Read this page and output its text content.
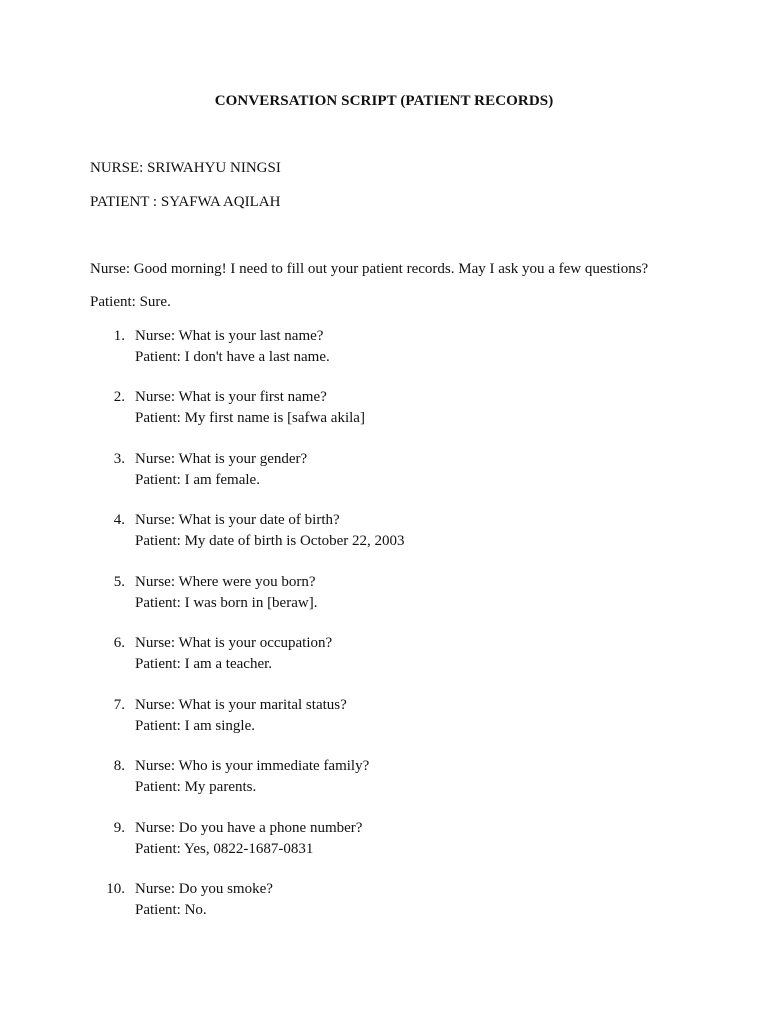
CONVERSATION SCRIPT (PATIENT RECORDS)
NURSE: SRIWAHYU NINGSI
PATIENT : SYAFWA AQILAH
Nurse: Good morning! I need to fill out your patient records. May I ask you a few questions?
Patient: Sure.
1. Nurse: What is your last name?
Patient: I don't have a last name.
2. Nurse: What is your first name?
Patient: My first name is [safwa akila]
3. Nurse: What is your gender?
Patient: I am female.
4. Nurse: What is your date of birth?
Patient: My date of birth is October 22, 2003
5. Nurse: Where were you born?
Patient: I was born in [beraw].
6. Nurse: What is your occupation?
Patient: I am a teacher.
7. Nurse: What is your marital status?
Patient: I am single.
8. Nurse: Who is your immediate family?
Patient: My parents.
9. Nurse: Do you have a phone number?
Patient: Yes, 0822-1687-0831
10. Nurse: Do you smoke?
Patient: No.
